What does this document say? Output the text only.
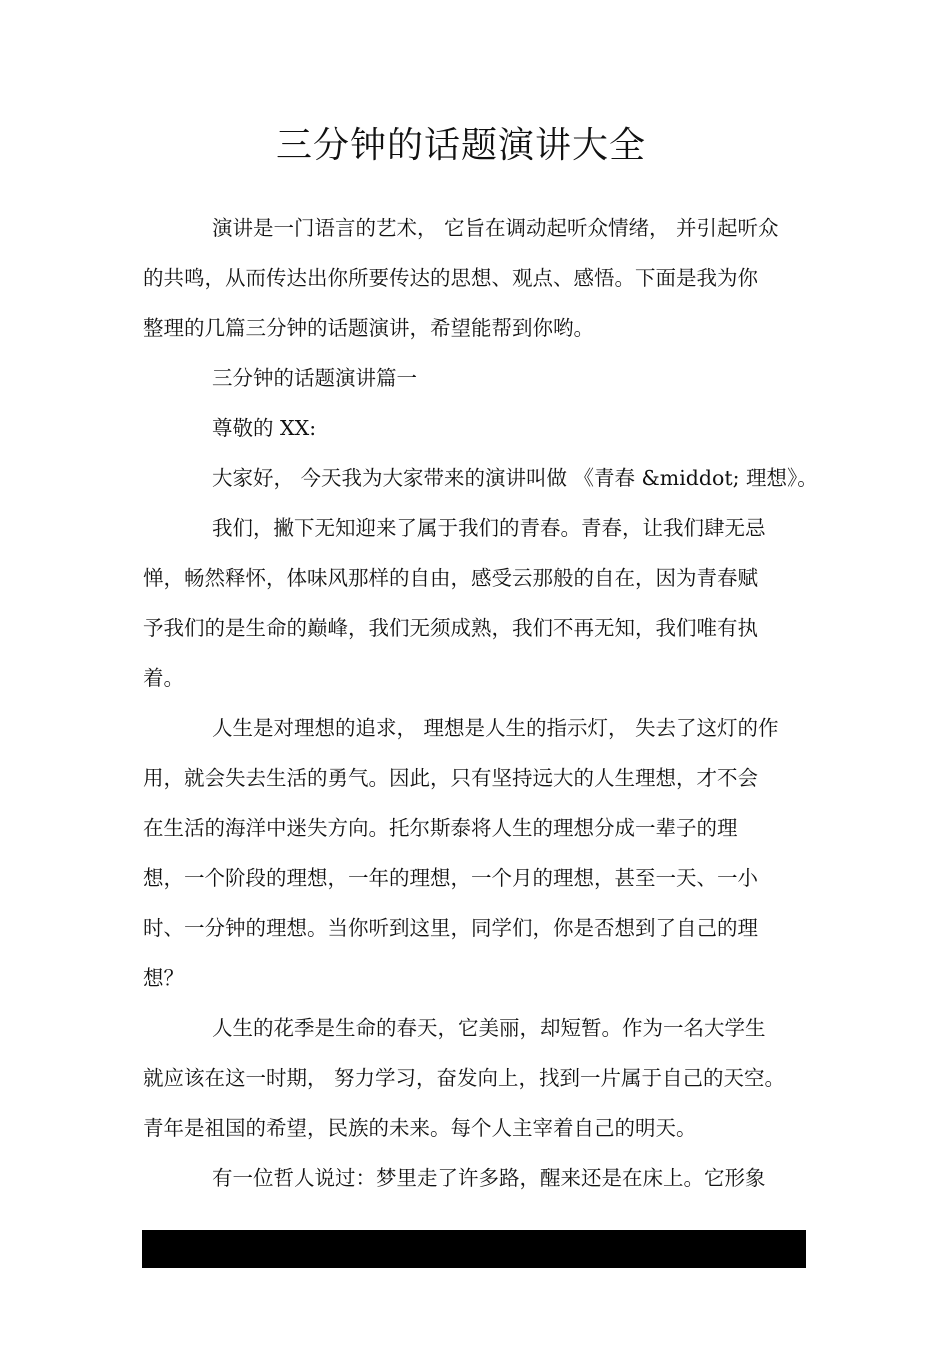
三分钟的话题演讲大全
演讲是一门语言的艺术， 它旨在调动起听众情绪， 并引起听众
的共鸣，从而传达出你所要传达的思想、观点、感悟。下面是我为你
整理的几篇三分钟的话题演讲，希望能帮到你哟。
三分钟的话题演讲篇一
尊敬的 XX:
大家好， 今天我为大家带来的演讲叫做 《青春 &middot; 理想》。
我们，撇下无知迎来了属于我们的青春。青春，让我们肆无忌
惮，畅然释怀，体味风那样的自由，感受云那般的自在，因为青春赋
予我们的是生命的巅峰，我们无须成熟，我们不再无知，我们唯有执
着。
人生是对理想的追求， 理想是人生的指示灯， 失去了这灯的作
用，就会失去生活的勇气。因此，只有坚持远大的人生理想，才不会
在生活的海洋中迷失方向。托尔斯泰将人生的理想分成一辈子的理
想，一个阶段的理想，一年的理想，一个月的理想，甚至一天、一小
时、一分钟的理想。当你听到这里，同学们，你是否想到了自己的理
想？
人生的花季是生命的春天，它美丽，却短暂。作为一名大学生
就应该在这一时期， 努力学习，奋发向上，找到一片属于自己的天空。
青年是祖国的希望，民族的未来。每个人主宰着自己的明天。
有一位哲人说过：梦里走了许多路，醒来还是在床上。它形象
